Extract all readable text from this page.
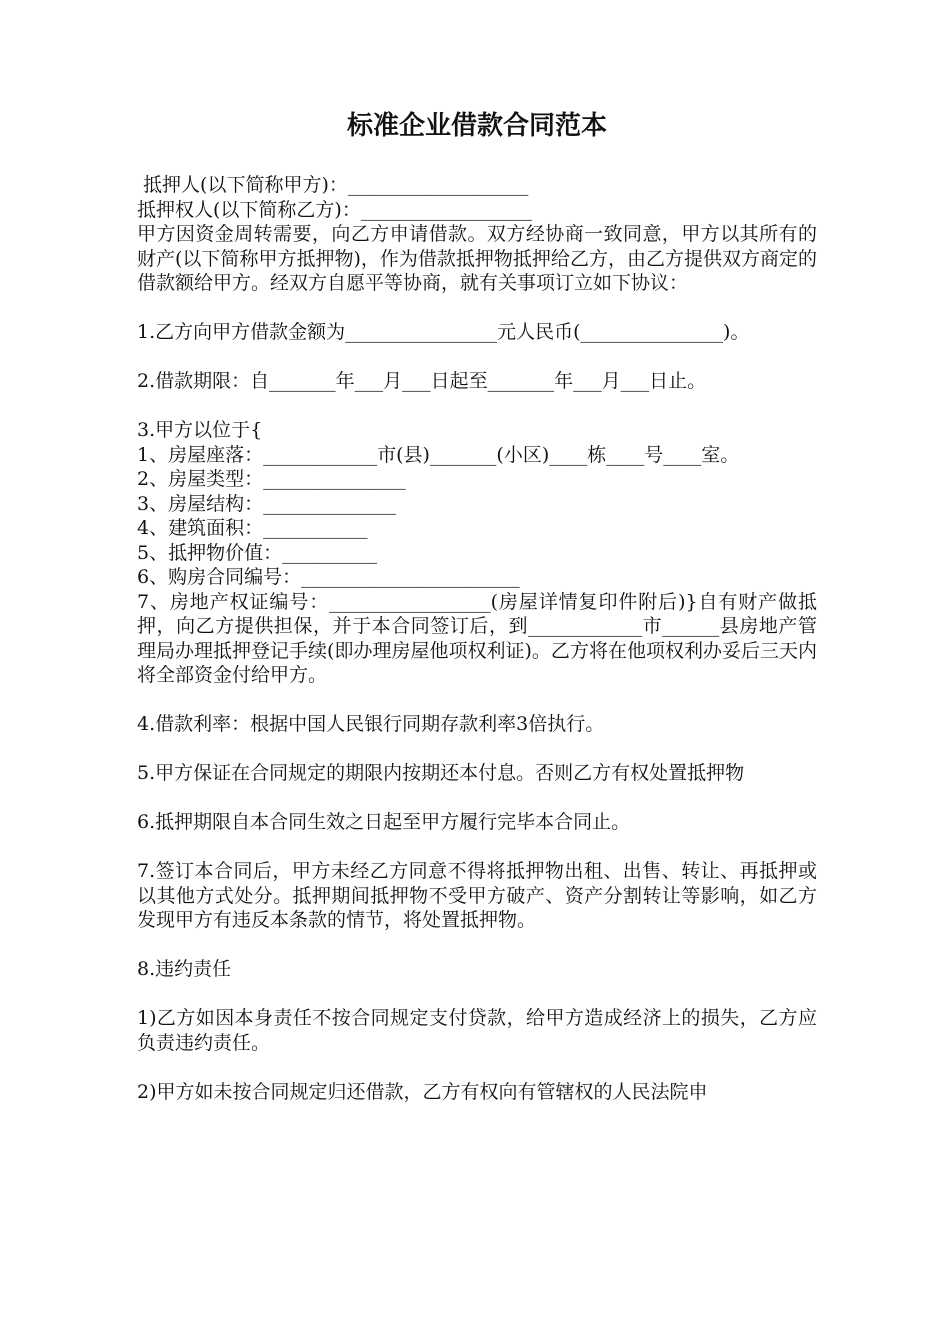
标准企业借款合同范本

抵押人(以下简称甲方)：___________________

抵押权人(以下简称乙方)：__________________

甲方因资金周转需要，向乙方申请借款。双方经协商一致同意，甲方以其所有的财产(以下简称甲方抵押物)，作为借款抵押物抵押给乙方，由乙方提供双方商定的借款额给甲方。经双方自愿平等协商，就有关事项订立如下协议：

1.乙方向甲方借款金额为________________元人民币(_______________)。

2.借款期限：自_______年___月___日起至_______年___月___日止。

3.甲方以位于{

1、房屋座落：____________市(县)_______(小区)____栋____号____室。

2、房屋类型：_______________

3、房屋结构：______________

4、建筑面积：___________

5、抵押物价值：__________

6、购房合同编号：_______________________

7、房地产权证编号：_________________(房屋详情复印件附后)}自有财产做抵押，向乙方提供担保，并于本合同签订后，到____________市______县房地产管理局办理抵押登记手续(即办理房屋他项权利证)。乙方将在他项权利办妥后三天内将全部资金付给甲方。

4.借款利率：根据中国人民银行同期存款利率3倍执行。

5.甲方保证在合同规定的期限内按期还本付息。否则乙方有权处置抵押物

6.抵押期限自本合同生效之日起至甲方履行完毕本合同止。

7.签订本合同后，甲方未经乙方同意不得将抵押物出租、出售、转让、再抵押或以其他方式处分。抵押期间抵押物不受甲方破产、资产分割转让等影响，如乙方发现甲方有违反本条款的情节，将处置抵押物。

8.违约责任

1)乙方如因本身责任不按合同规定支付贷款，给甲方造成经济上的损失，乙方应负责违约责任。

2)甲方如未按合同规定归还借款，乙方有权向有管辖权的人民法院申
